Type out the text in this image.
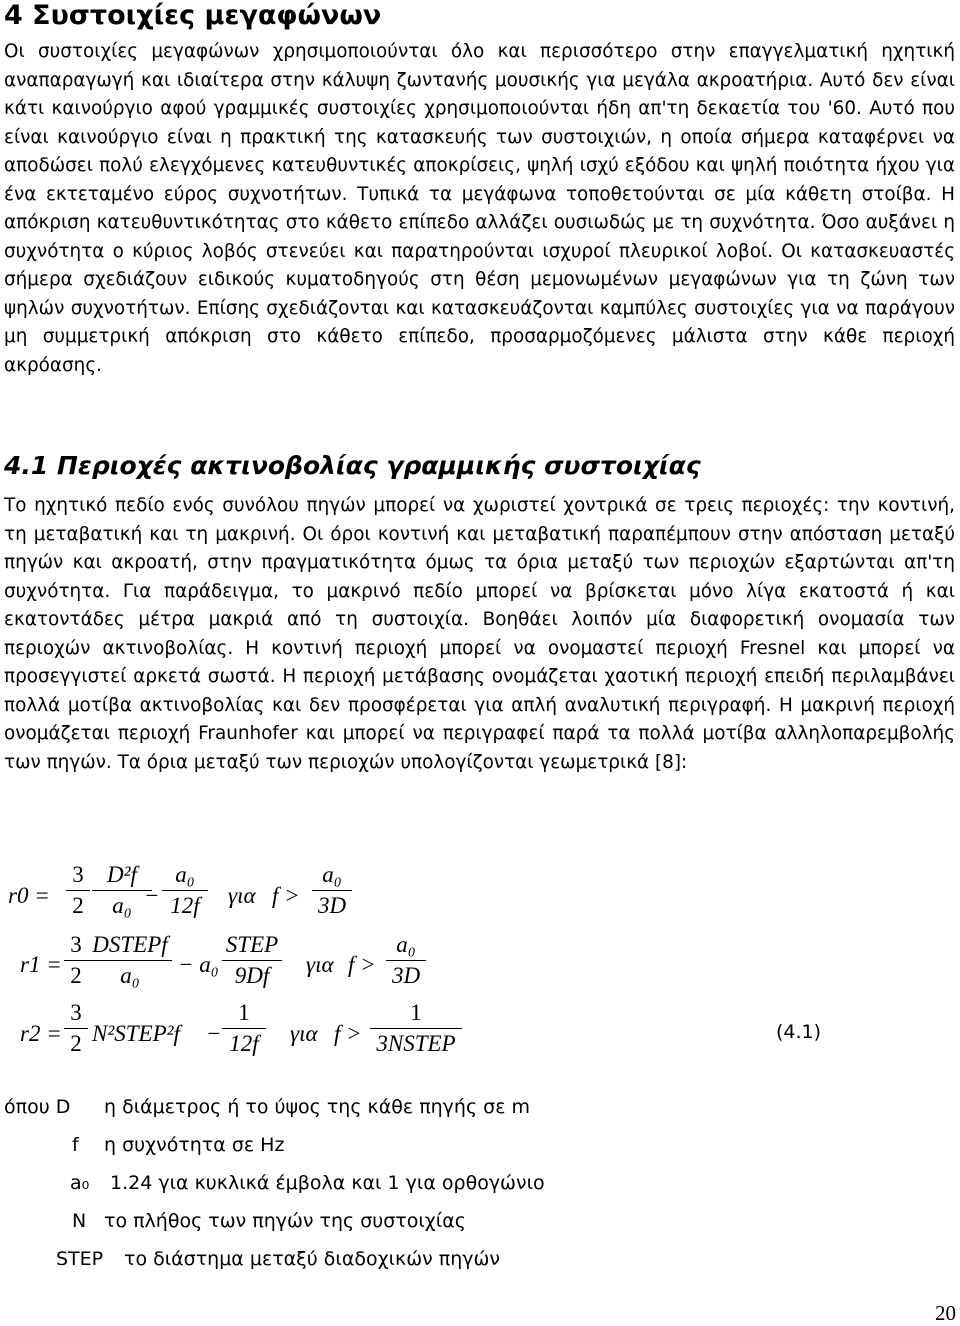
4 Συστοιχίες μεγαφώνων
Οι συστοιχίες μεγαφώνων χρησιμοποιούνται όλο και περισσότερο στην επαγγελματική ηχητική αναπαραγωγή και ιδιαίτερα στην κάλυψη ζωντανής μουσικής για μεγάλα ακροατήρια. Αυτό δεν είναι κάτι καινούργιο αφού γραμμικές συστοιχίες χρησιμοποιούνται ήδη απ'τη δεκαετία του '60. Αυτό που είναι καινούργιο είναι η πρακτική της κατασκευής των συστοιχιών, η οποία σήμερα καταφέρνει να αποδώσει πολύ ελεγχόμενες κατευθυντικές αποκρίσεις, ψηλή ισχύ εξόδου και ψηλή ποιότητα ήχου για ένα εκτεταμένο εύρος συχνοτήτων. Τυπικά τα μεγάφωνα τοποθετούνται σε μία κάθετη στοίβα. Η απόκριση κατευθυντικότητας στο κάθετο επίπεδο αλλάζει ουσιωδώς με τη συχνότητα. Όσο αυξάνει η συχνότητα ο κύριος λοβός στενεύει και παρατηρούνται ισχυροί πλευρικοί λοβοί. Οι κατασκευαστές σήμερα σχεδιάζουν ειδικούς κυματοδηγούς στη θέση μεμονωμένων μεγαφώνων για τη ζώνη των ψηλών συχνοτήτων. Επίσης σχεδιάζονται και κατασκευάζονται καμπύλες συστοιχίες για να παράγουν μη συμμετρική απόκριση στο κάθετο επίπεδο, προσαρμοζόμενες μάλιστα στην κάθε περιοχή ακρόασης.
4.1 Περιοχές ακτινοβολίας γραμμικής συστοιχίας
Το ηχητικό πεδίο ενός συνόλου πηγών μπορεί να χωριστεί χοντρικά σε τρεις περιοχές: την κοντινή, τη μεταβατική και τη μακρινή. Οι όροι κοντινή και μεταβατική παραπέμπουν στην απόσταση μεταξύ πηγών και ακροατή, στην πραγματικότητα όμως τα όρια μεταξύ των περιοχών εξαρτώνται απ'τη συχνότητα. Για παράδειγμα, το μακρινό πεδίο μπορεί να βρίσκεται μόνο λίγα εκατοστά ή και εκατοντάδες μέτρα μακριά από τη συστοιχία. Βοηθάει λοιπόν μία διαφορετική ονομασία των περιοχών ακτινοβολίας. Η κοντινή περιοχή μπορεί να ονομαστεί περιοχή Fresnel και μπορεί να προσεγγιστεί αρκετά σωστά. Η περιοχή μετάβασης ονομάζεται χαοτική περιοχή επειδή περιλαμβάνει πολλά μοτίβα ακτινοβολίας και δεν προσφέρεται για απλή αναλυτική περιγραφή. Η μακρινή περιοχή ονομάζεται περιοχή Fraunhofer και μπορεί να περιγραφεί παρά τα πολλά μοτίβα αλληλοπαρεμβολής των πηγών. Τα όρια μεταξύ των περιοχών υπολογίζονται γεωμετρικά [8]:
r0 =
3
2
D²f
a₀ −
a₀
12f	για f >
a₀
3D
r1 =
3
2
DSTEPf
a₀	− a₀
STEP
9Df	για f >
a₀
3D
r2 =
3
2 N²STEP²f −
1
12f	για f >
1
3NSTEP	(4.1)
όπου D η διάμετρος ή το ύψος της κάθε πηγής σε m
f η συχνότητα σε Hz
a₀ 1.24 για κυκλικά έμβολα και 1 για ορθογώνιο
N το πλήθος των πηγών της συστοιχίας
STEP το διάστημα μεταξύ διαδοχικών πηγών
20
